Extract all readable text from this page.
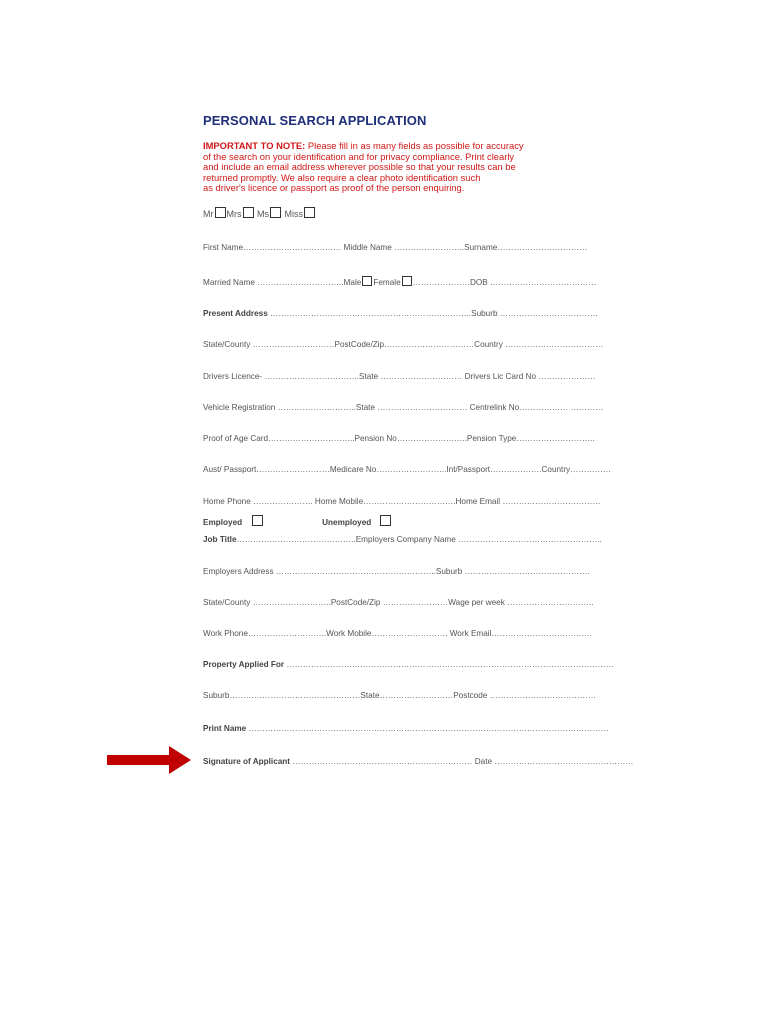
PERSONAL SEARCH APPLICATION
IMPORTANT TO NOTE: Please fill in as many fields as possible for accuracy
of the search on your identification and for privacy compliance. Print clearly
and include an email address wherever possible so that your results can be
returned promptly. We also require a clear photo identification such
as driver's licence or passport as proof of the person enquiring.
Mr Mrs Ms Miss
First Name……………………………… Middle Name ……………………..Surname……………………………
Married Name …………………………..Male Female …………………DOB …………………………………
Present Address ………………………………………………………………..Suburb ………………………………
State/County …………………………PostCode/Zip……………………………Country ………………………………
Drivers Licence- ……………………………..State ………………………… Drivers Lic Card No …………………
Vehicle Registration ………………………..State …………………………… Centrelink No……………… …………
Proof of Age Card…………………………..Pension No……………………..Pension Type………………………..
Aust/ Passport………………………Medicare No……………………..Int/Passport……………….Country……………
Home Phone …………………. Home Mobile…………………………….Home Email ………………………………
Employed	Unemployed
Job Title……………………………………..Employers Company Name ……………………………………………..
Employers Address …………………………………………………..Suburb ……………………………………….
State/County ………………………..PostCode/Zip ……………………Wage per week …………………………..
Work Phone………………………..Work Mobile………………………. Work Email……………………………….
Property Applied For …………………………………………………………………………………………………………
Suburb…………………………………………State………………………Postcode …………………………………
Print Name ……………………………………………………………………………………………………………………
Signature of Applicant ………………………………………………………… Date ……………………………………………
